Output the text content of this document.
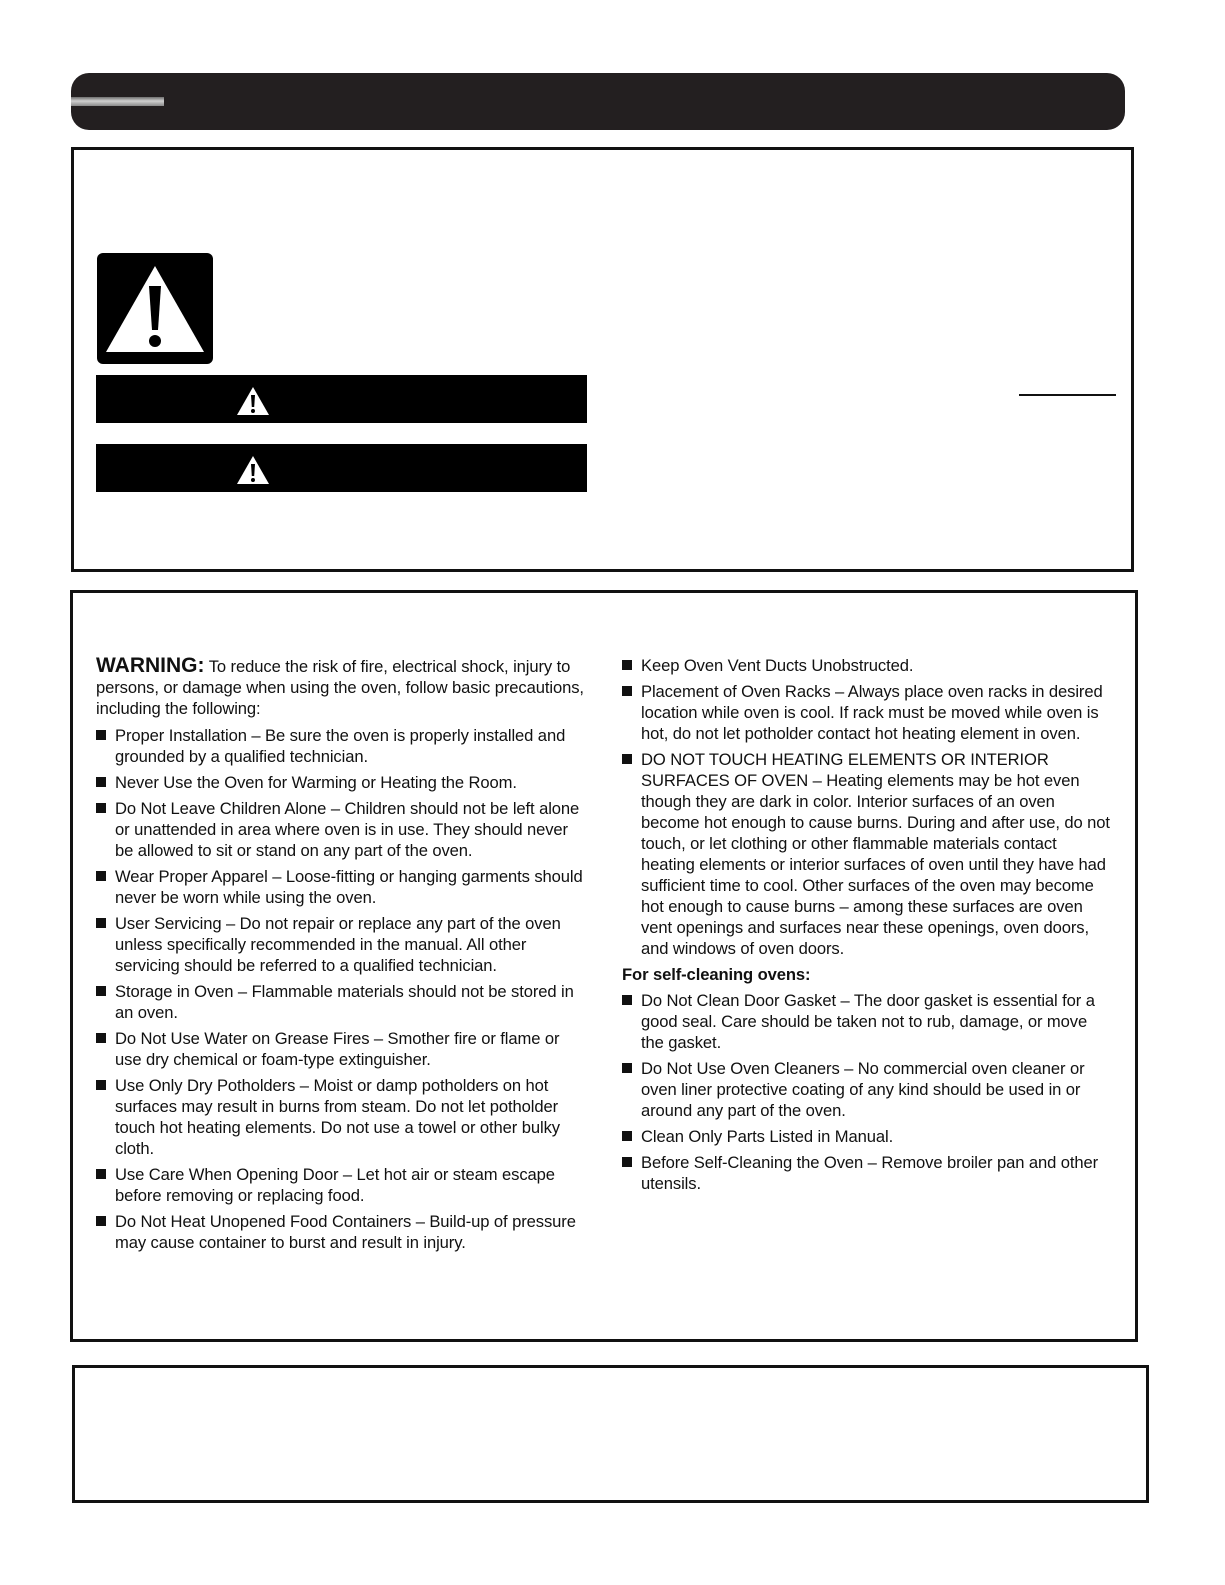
WARNING: To reduce the risk of fire, electrical shock, injury to persons, or damage when using the oven, follow basic precautions, including the following:

Proper Installation – Be sure the oven is properly installed and grounded by a qualified technician.
Never Use the Oven for Warming or Heating the Room.
Do Not Leave Children Alone – Children should not be left alone or unattended in area where oven is in use. They should never be allowed to sit or stand on any part of the oven.
Wear Proper Apparel – Loose-fitting or hanging garments should never be worn while using the oven.
User Servicing – Do not repair or replace any part of the oven unless specifically recommended in the manual. All other servicing should be referred to a qualified technician.
Storage in Oven – Flammable materials should not be stored in an oven.
Do Not Use Water on Grease Fires – Smother fire or flame or use dry chemical or foam-type extinguisher.
Use Only Dry Potholders – Moist or damp potholders on hot surfaces may result in burns from steam. Do not let potholder touch hot heating elements. Do not use a towel or other bulky cloth.
Use Care When Opening Door – Let hot air or steam escape before removing or replacing food.
Do Not Heat Unopened Food Containers – Build-up of pressure may cause container to burst and result in injury.
Keep Oven Vent Ducts Unobstructed.
Placement of Oven Racks – Always place oven racks in desired location while oven is cool. If rack must be moved while oven is hot, do not let potholder contact hot heating element in oven.
DO NOT TOUCH HEATING ELEMENTS OR INTERIOR SURFACES OF OVEN – Heating elements may be hot even though they are dark in color. Interior surfaces of an oven become hot enough to cause burns. During and after use, do not touch, or let clothing or other flammable materials contact heating elements or interior surfaces of oven until they have had sufficient time to cool. Other surfaces of the oven may become hot enough to cause burns – among these surfaces are oven vent openings and surfaces near these openings, oven doors, and windows of oven doors.
For self-cleaning ovens:
Do Not Clean Door Gasket – The door gasket is essential for a good seal. Care should be taken not to rub, damage, or move the gasket.
Do Not Use Oven Cleaners – No commercial oven cleaner or oven liner protective coating of any kind should be used in or around any part of the oven.
Clean Only Parts Listed in Manual.
Before Self-Cleaning the Oven – Remove broiler pan and other utensils.
